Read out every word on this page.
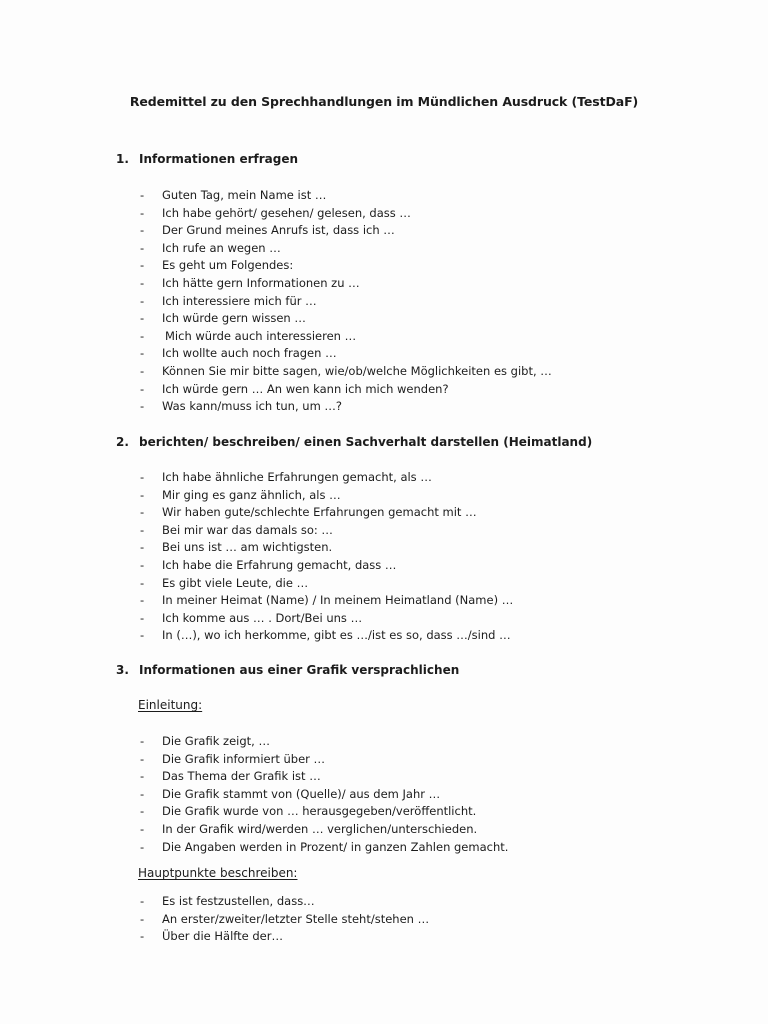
Redemittel zu den Sprechhandlungen im Mündlichen Ausdruck (TestDaF)
1. Informationen erfragen
- Guten Tag, mein Name ist …
- Ich habe gehört/ gesehen/ gelesen, dass …
- Der Grund meines Anrufs ist, dass ich …
- Ich rufe an wegen …
- Es geht um Folgendes:
- Ich hätte gern Informationen zu …
- Ich interessiere mich für …
- Ich würde gern wissen …
- Mich würde auch interessieren …
- Ich wollte auch noch fragen …
- Können Sie mir bitte sagen, wie/ob/welche Möglichkeiten es gibt, …
- Ich würde gern … An wen kann ich mich wenden?
- Was kann/muss ich tun, um …?
2. berichten/ beschreiben/ einen Sachverhalt darstellen (Heimatland)
- Ich habe ähnliche Erfahrungen gemacht, als …
- Mir ging es ganz ähnlich, als …
- Wir haben gute/schlechte Erfahrungen gemacht mit …
- Bei mir war das damals so: …
- Bei uns ist … am wichtigsten.
- Ich habe die Erfahrung gemacht, dass …
- Es gibt viele Leute, die …
- In meiner Heimat (Name) / In meinem Heimatland (Name) …
- Ich komme aus … . Dort/Bei uns …
- In (…), wo ich herkomme, gibt es …/ist es so, dass …/sind …
3. Informationen aus einer Grafik versprachlichen
Einleitung:
- Die Grafik zeigt, …
- Die Grafik informiert über …
- Das Thema der Grafik ist …
- Die Grafik stammt von (Quelle)/ aus dem Jahr …
- Die Grafik wurde von … herausgegeben/veröffentlicht.
- In der Grafik wird/werden … verglichen/unterschieden.
- Die Angaben werden in Prozent/ in ganzen Zahlen gemacht.
Hauptpunkte beschreiben:
- Es ist festzustellen, dass…
- An erster/zweiter/letzter Stelle steht/stehen …
- Über die Hälfte der…
